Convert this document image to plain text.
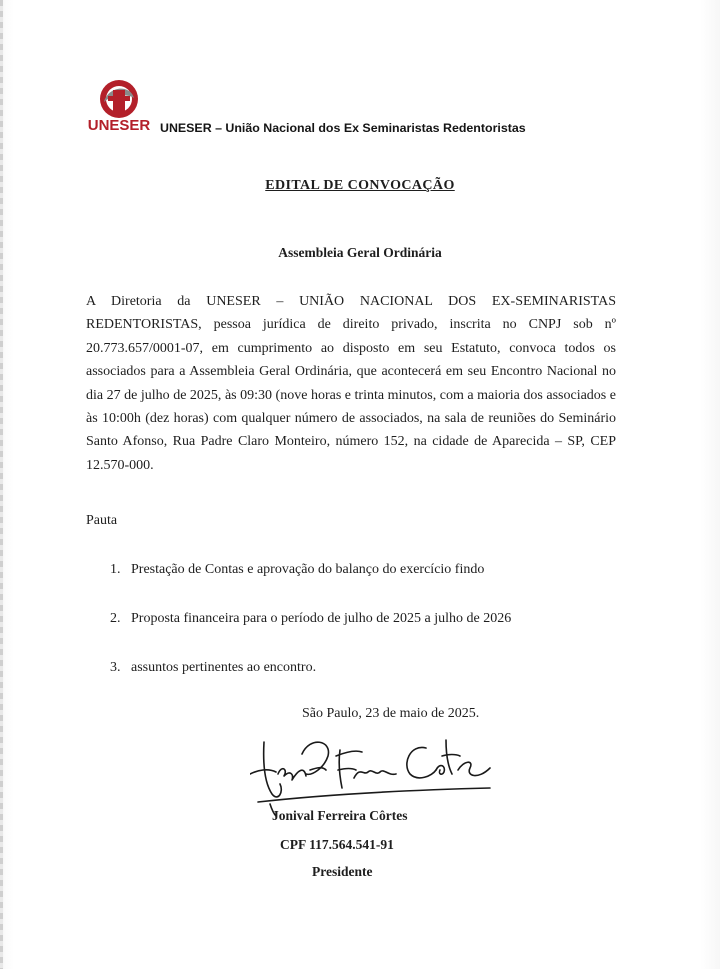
UNESER UNESER – União Nacional dos Ex Seminaristas Redentoristas
EDITAL DE CONVOCAÇÃO
Assembleia Geral Ordinária
A Diretoria da UNESER – UNIÃO NACIONAL DOS EX-SEMINARISTAS REDENTORISTAS, pessoa jurídica de direito privado, inscrita no CNPJ sob nº 20.773.657/0001-07, em cumprimento ao disposto em seu Estatuto, convoca todos os associados para a Assembleia Geral Ordinária, que acontecerá em seu Encontro Nacional no dia 27 de julho de 2025, às 09:30 (nove horas e trinta minutos, com a maioria dos associados e às 10:00h (dez horas) com qualquer número de associados, na sala de reuniões do Seminário Santo Afonso, Rua Padre Claro Monteiro, número 152, na cidade de Aparecida – SP, CEP 12.570-000.
Pauta
1. Prestação de Contas e aprovação do balanço do exercício findo
2. Proposta financeira para o período de julho de 2025 a julho de 2026
3. assuntos pertinentes ao encontro.
São Paulo, 23 de maio de 2025.
Jonival Ferreira Côrtes
CPF 117.564.541-91
Presidente
